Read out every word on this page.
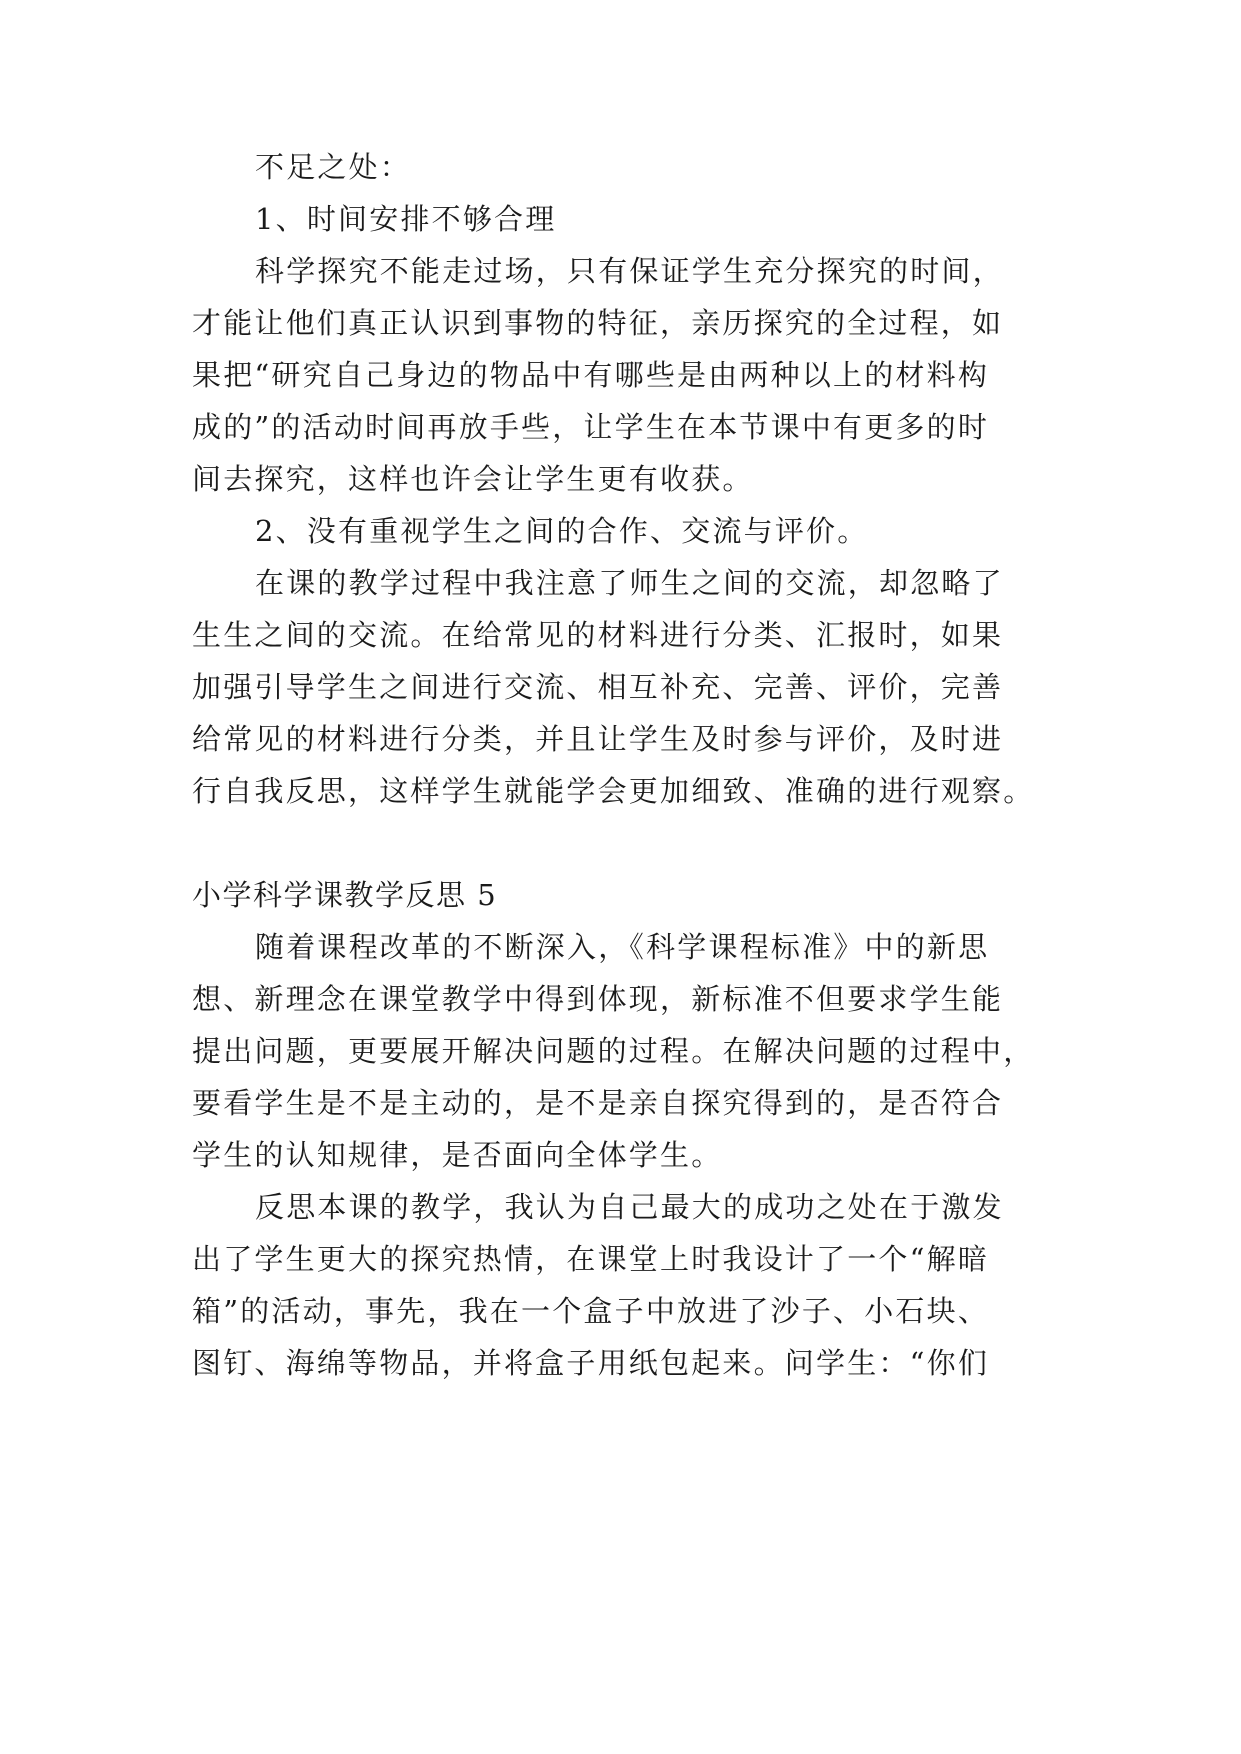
不足之处：

1、时间安排不够合理

科学探究不能走过场，只有保证学生充分探究的时间，

才能让他们真正认识到事物的特征，亲历探究的全过程，如

果把“研究自己身边的物品中有哪些是由两种以上的材料构

成的”的活动时间再放手些，让学生在本节课中有更多的时

间去探究，这样也许会让学生更有收获。

2、没有重视学生之间的合作、交流与评价。

在课的教学过程中我注意了师生之间的交流，却忽略了

生生之间的交流。在给常见的材料进行分类、汇报时，如果

加强引导学生之间进行交流、相互补充、完善、评价，完善

给常见的材料进行分类，并且让学生及时参与评价，及时进

行自我反思，这样学生就能学会更加细致、准确的进行观察。

小学科学课教学反思 5

随着课程改革的不断深入，《科学课程标准》中的新思

想、新理念在课堂教学中得到体现，新标准不但要求学生能

提出问题，更要展开解决问题的过程。在解决问题的过程中，

要看学生是不是主动的，是不是亲自探究得到的，是否符合

学生的认知规律，是否面向全体学生。

反思本课的教学，我认为自己最大的成功之处在于激发

出了学生更大的探究热情，在课堂上时我设计了一个“解暗

箱”的活动，事先，我在一个盒子中放进了沙子、小石块、

图钉、海绵等物品，并将盒子用纸包起来。问学生：“你们
